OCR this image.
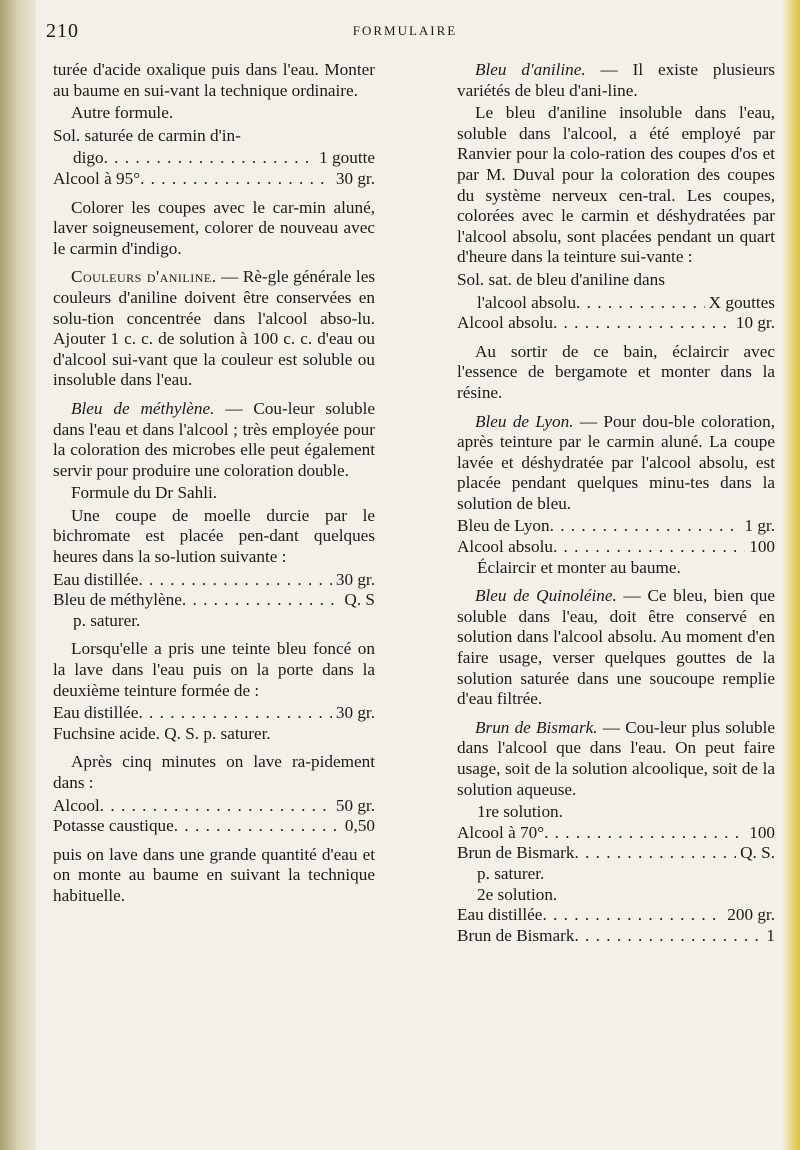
210	FORMULAIRE

turée d'acide oxalique puis dans l'eau. Monter au baume en sui-vant la technique ordinaire.

Autre formule.

Sol. saturée de carmin d'in-

digo . . .	1 goutte
Alcool à 95° . . .	30 gr.

Colorer les coupes avec le car-min aluné, laver soigneusement, colorer de nouveau avec le carmin d'indigo.

Couleurs d'aniline. — Rè-gle générale les couleurs d'aniline doivent être conservées en solu-tion concentrée dans l'alcool abso-lu. Ajouter 1 c. c. de solution à 100 c. c. d'eau ou d'alcool sui-vant que la couleur est soluble ou insoluble dans l'eau.

Bleu de méthylène. — Cou-leur soluble dans l'eau et dans l'alcool ; très employée pour la coloration des microbes elle peut également servir pour produire une coloration double.

Formule du Dr Sahli.

Une coupe de moelle durcie par le bichromate est placée pen-dant quelques heures dans la so-lution suivante :

Eau distillée . . .	30 gr.
Bleu de méthylène . . .	Q. S

p. saturer.

Lorsqu'elle a pris une teinte bleu foncé on la lave dans l'eau puis on la porte dans la deuxième teinture formée de :

Eau distillée . . .	30 gr.

Fuchsine acide. Q. S. p. saturer.

Après cinq minutes on lave ra-pidement dans :

Alcool . . .	50 gr.
Potasse caustique . . .	0,50

puis on lave dans une grande quantité d'eau et on monte au baume en suivant la technique habituelle.

Bleu d'aniline. — Il existe plusieurs variétés de bleu d'ani-line.

Le bleu d'aniline insoluble dans l'eau, soluble dans l'alcool, a été employé par Ranvier pour la colo-ration des coupes d'os et par M. Duval pour la coloration des coupes du système nerveux cen-tral. Les coupes, colorées avec le carmin et déshydratées par l'alcool absolu, sont placées pendant un quart d'heure dans la teinture sui-vante :

Sol. sat. de bleu d'aniline dans

l'alcool absolu . . .	X gouttes
Alcool absolu . . .	10 gr.

Au sortir de ce bain, éclaircir avec l'essence de bergamote et monter dans la résine.

Bleu de Lyon. — Pour dou-ble coloration, après teinture par le carmin aluné. La coupe lavée et déshydratée par l'alcool absolu, est placée pendant quelques minu-tes dans la solution de bleu.

Bleu de Lyon . . .	1 gr.
Alcool absolu . . .	100

Éclaircir et monter au baume.

Bleu de Quinoléine. — Ce bleu, bien que soluble dans l'eau, doit être conservé en solution dans l'alcool absolu. Au moment d'en faire usage, verser quelques gouttes de la solution saturée dans une soucoupe remplie d'eau filtrée.

Brun de Bismark. — Cou-leur plus soluble dans l'alcool que dans l'eau. On peut faire usage, soit de la solution alcoolique, soit de la solution aqueuse.

1re solution.

Alcool à 70° . . .	100
Brun de Bismark . . .	Q. S.

p. saturer.

2e solution.

Eau distillée . . .	200 gr.
Brun de Bismark . . .	1
